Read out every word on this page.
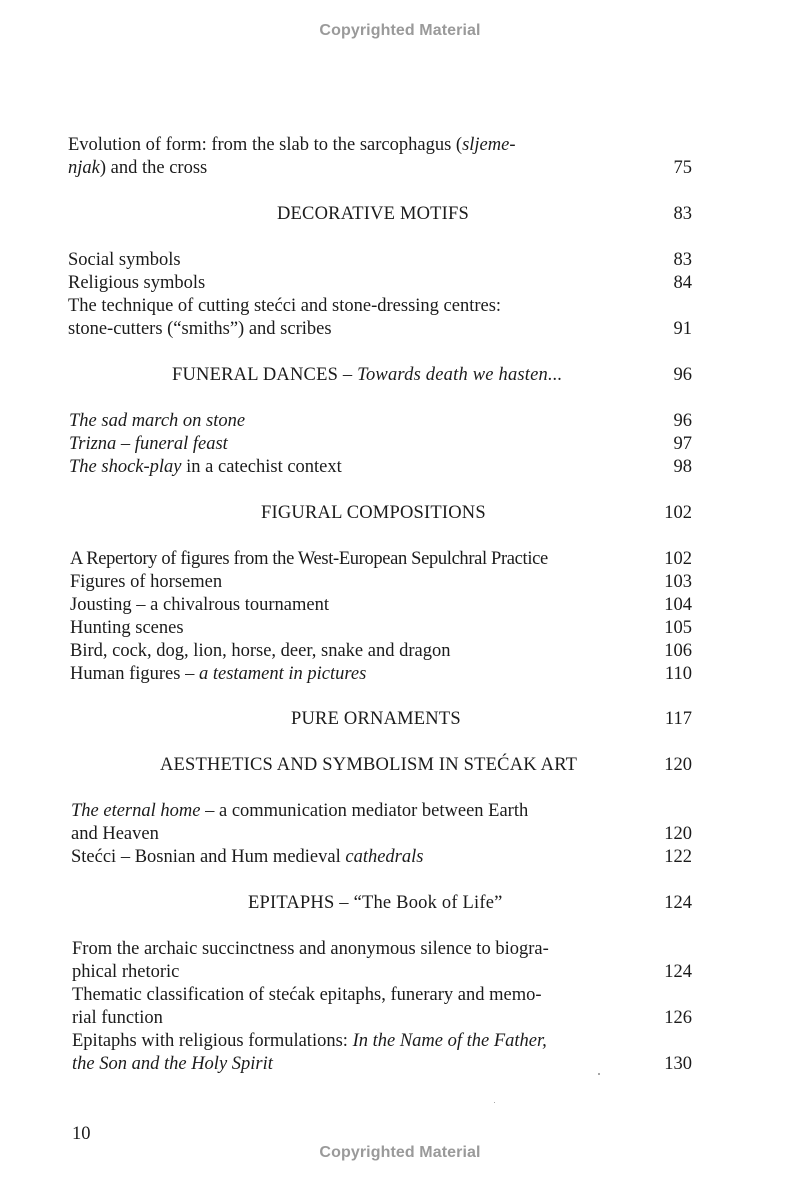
Copyrighted Material
Evolution of form: from the slab to the sarcophagus (sljeme-
njak) and the cross	75
DECORATIVE MOTIFS	83
Social symbols	83
Religious symbols	84
The technique of cutting stećci and stone-dressing centres:
stone-cutters (“smiths”) and scribes	91
FUNERAL DANCES – Towards death we hasten...	96
The sad march on stone	96
Trizna – funeral feast	97
The shock-play in a catechist context	98
FIGURAL COMPOSITIONS	102
A Repertory of figures from the West-European Sepulchral Practice	102
Figures of horsemen	103
Jousting – a chivalrous tournament	104
Hunting scenes	105
Bird, cock, dog, lion, horse, deer, snake and dragon	106
Human figures – a testament in pictures	110
PURE ORNAMENTS	117
AESTHETICS AND SYMBOLISM IN STEĆAK ART	120
The eternal home – a communication mediator between Earth
and Heaven	120
Stećci – Bosnian and Hum medieval cathedrals	122
EPITAPHS – “The Book of Life”	124
From the archaic succinctness and anonymous silence to biogra-
phical rhetoric	124
Thematic classification of stećak epitaphs, funerary and memo-
rial function	126
Epitaphs with religious formulations: In the Name of the Father,
the Son and the Holy Spirit	130
10
Copyrighted Material
